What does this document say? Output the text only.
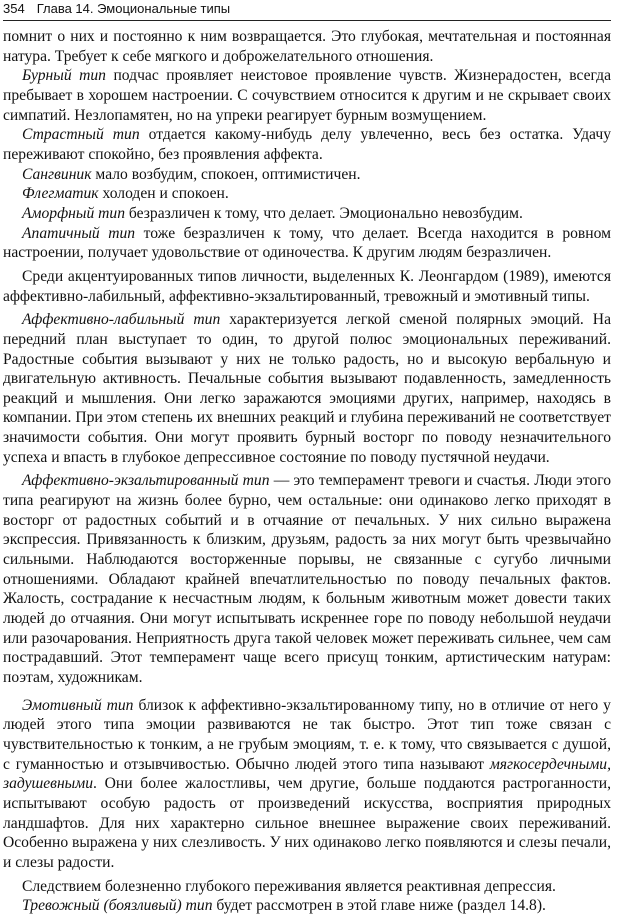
354 Глава 14. Эмоциональные типы

помнит о них и постоянно к ним возвращается. Это глубокая, мечтательная и постоянная натура. Требует к себе мягкого и доброжелательного отношения.

Бурный тип подчас проявляет неистовое проявление чувств. Жизнерадостен, всегда пребывает в хорошем настроении. С сочувствием относится к другим и не скрывает своих симпатий. Незлопамятен, но на упреки реагирует бурным возмущением.

Страстный тип отдается какому-нибудь делу увлеченно, весь без остатка. Удачу переживают спокойно, без проявления аффекта.

Сангвиник мало возбудим, спокоен, оптимистичен.

Флегматик холоден и спокоен.

Аморфный тип безразличен к тому, что делает. Эмоционально невозбудим.

Апатичный тип тоже безразличен к тому, что делает. Всегда находится в ровном настроении, получает удовольствие от одиночества. К другим людям безразличен.

Среди акцентуированных типов личности, выделенных К. Леонгардом (1989), имеются аффективно-лабильный, аффективно-экзальтированный, тревожный и эмотивный типы.

Аффективно-лабильный тип характеризуется легкой сменой полярных эмоций. На передний план выступает то один, то другой полюс эмоциональных переживаний. Радостные события вызывают у них не только радость, но и высокую вербальную и двигательную активность. Печальные события вызывают подавленность, замедленность реакций и мышления. Они легко заражаются эмоциями других, например, находясь в компании. При этом степень их внешних реакций и глубина переживаний не соответствует значимости события. Они могут проявить бурный восторг по поводу незначительного успеха и впасть в глубокое депрессивное состояние по поводу пустячной неудачи.

Аффективно-экзальтированный тип — это темперамент тревоги и счастья. Люди этого типа реагируют на жизнь более бурно, чем остальные: они одинаково легко приходят в восторг от радостных событий и в отчаяние от печальных. У них сильно выражена экспрессия. Привязанность к близким, друзьям, радость за них могут быть чрезвычайно сильными. Наблюдаются восторженные порывы, не связанные с сугубо личными отношениями. Обладают крайней впечатлительностью по поводу печальных фактов. Жалость, сострадание к несчастным людям, к больным животным может довести таких людей до отчаяния. Они могут испытывать искреннее горе по поводу небольшой неудачи или разочарования. Неприятность друга такой человек может переживать сильнее, чем сам пострадавший. Этот темперамент чаще всего присущ тонким, артистическим натурам: поэтам, художникам.

Эмотивный тип близок к аффективно-экзальтированному типу, но в отличие от него у людей этого типа эмоции развиваются не так быстро. Этот тип тоже связан с чувствительностью к тонким, а не грубым эмоциям, т. е. к тому, что связывается с душой, с гуманностью и отзывчивостью. Обычно людей этого типа называют мягкосердечными, задушевными. Они более жалостливы, чем другие, больше поддаются растроганности, испытывают особую радость от произведений искусства, восприятия природных ландшафтов. Для них характерно сильное внешнее выражение своих переживаний. Особенно выражена у них слезливость. У них одинаково легко появляются и слезы печали, и слезы радости.

Следствием болезненно глубокого переживания является реактивная депрессия.

Тревожный (боязливый) тип будет рассмотрен в этой главе ниже (раздел 14.8).
